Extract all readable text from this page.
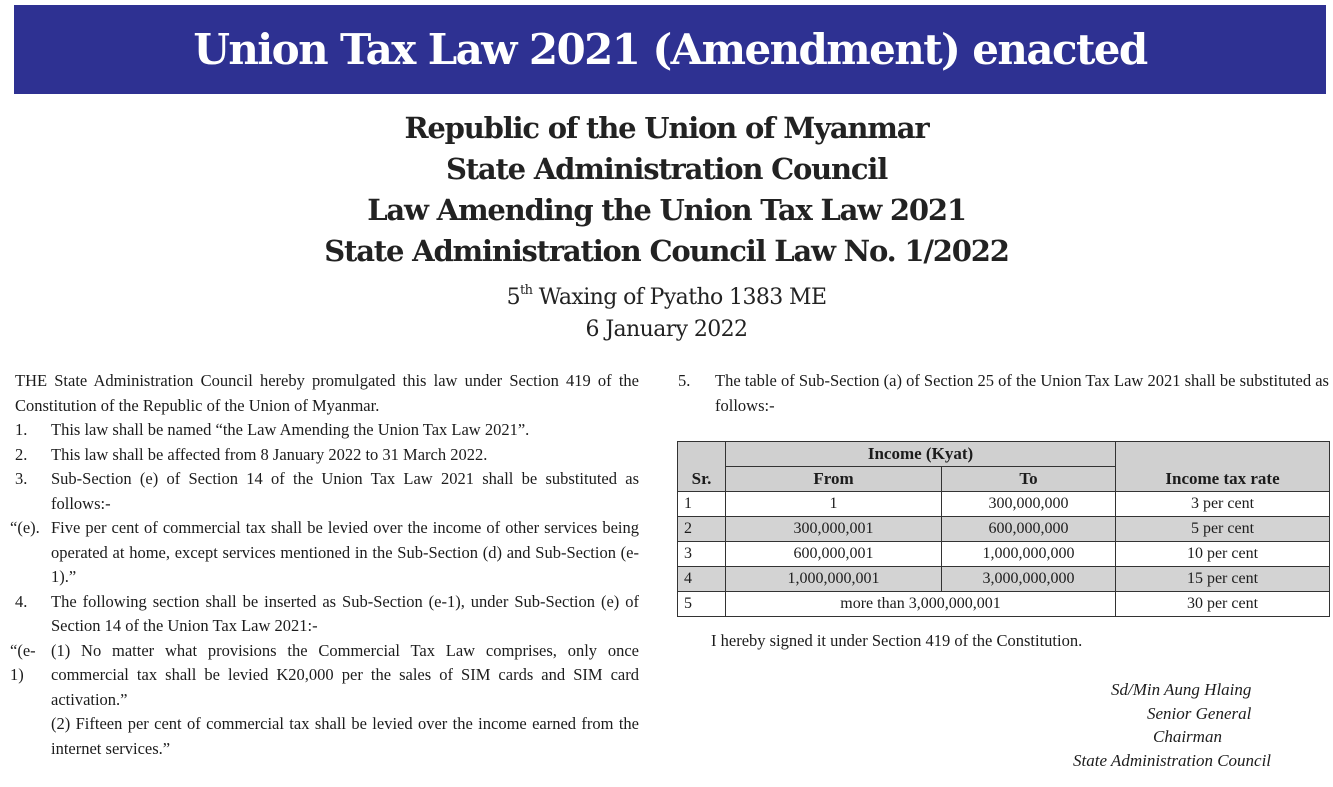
Union Tax Law 2021 (Amendment) enacted
Republic of the Union of Myanmar
State Administration Council
Law Amending the Union Tax Law 2021
State Administration Council Law No. 1/2022
5th Waxing of Pyatho 1383 ME
6 January 2022

THE State Administration Council hereby promulgated this law under Section 419 of the Constitution of the Republic of the Union of Myanmar.

1.	This law shall be named “the Law Amending the Union Tax Law 2021”.
2.	This law shall be affected from 8 January 2022 to 31 March 2022.
3.	Sub-Section (e) of Section 14 of the Union Tax Law 2021 shall be substituted as follows:-
“(e). Five per cent of commercial tax shall be levied over the income of other services being operated at home, except services mentioned in the Sub-Section (d) and Sub-Section (e-1).”
4.	The following section shall be inserted as Sub-Section (e-1), under Sub-Section (e) of Section 14 of the Union Tax Law 2021:-
“(e-1)
(1) No matter what provisions the Commercial Tax Law comprises, only once commercial tax shall be levied K20,000 per the sales of SIM cards and SIM card activation.”

(2) Fifteen per cent of commercial tax shall be levied over the income earned from the internet services.”

5.	The table of Sub-Section (a) of Section 25 of the Union Tax Law 2021 shall be substituted as follows:-
Sr.	Income (Kyat)		Income tax rate
	From	To	
1	1	300,000,000	3 per cent
2	300,000,001	600,000,000	5 per cent
3	600,000,001	1,000,000,000	10 per cent
4	1,000,000,001	3,000,000,000	15 per cent
5	more than 3,000,000,001		30 per cent
I hereby signed it under Section 419 of the Constitution.
Sd/Min Aung Hlaing
Senior General
Chairman
State Administration Council
